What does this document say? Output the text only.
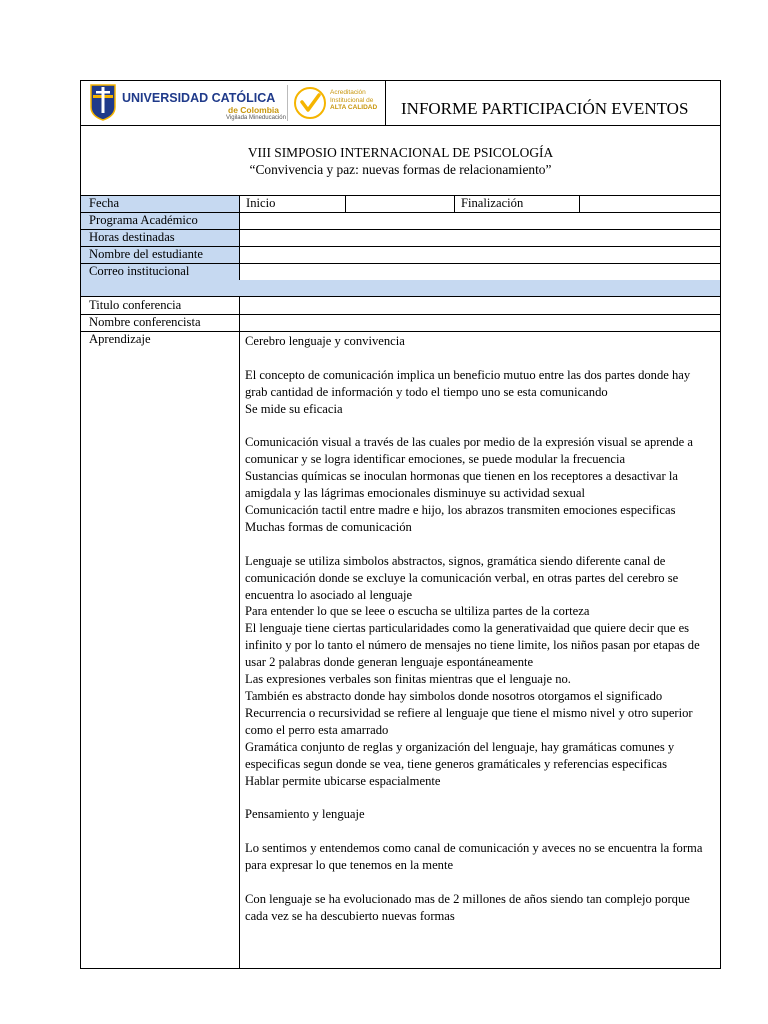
UNIVERSIDAD CATÓLICA
de Colombia
Vigilada Mineducación
Acreditación
Institucional de
ALTA CALIDAD INFORME PARTICIPACIÓN EVENTOS
VIII SIMPOSIO INTERNACIONAL DE PSICOLOGÍA
“Convivencia y paz: nuevas formas de relacionamiento”
Fecha	Inicio	Finalización
Programa Académico
Horas destinadas
Nombre del estudiante
Correo institucional
Titulo conferencia
Nombre conferencista
Aprendizaje	Cerebro lenguaje y convivencia

El concepto de comunicación implica un beneficio mutuo entre las dos partes donde hay grab cantidad de información y todo el tiempo uno se esta comunicando

Se mide su eficacia

Comunicación visual a través de las cuales por medio de la expresión visual se aprende a comunicar y se logra identificar emociones, se puede modular la frecuencia

Sustancias químicas se inoculan hormonas que tienen en los receptores a desactivar la amigdala y las lágrimas emocionales disminuye su actividad sexual

Comunicación tactil entre madre e hijo, los abrazos transmiten emociones especificas

Muchas formas de comunicación

Lenguaje se utiliza simbolos abstractos, signos, gramática siendo diferente canal de comunicación donde se excluye la comunicación verbal, en otras partes del cerebro se encuentra lo asociado al lenguaje

Para entender lo que se leee o escucha se ultiliza partes de la corteza

El lenguaje tiene ciertas particularidades como la generativaidad que quiere decir que es infinito y por lo tanto el número de mensajes no tiene limite, los niños pasan por etapas de usar 2 palabras donde generan lenguaje espontáneamente

Las expresiones verbales son finitas mientras que el lenguaje no.

También es abstracto donde hay simbolos donde nosotros otorgamos el significado

Recurrencia o recursividad se refiere al lenguaje que tiene el mismo nivel y otro superior como el perro esta amarrado

Gramática conjunto de reglas y organización del lenguaje, hay gramáticas comunes y especificas segun donde se vea, tiene generos gramáticales y referencias especificas

Hablar permite ubicarse espacialmente

Pensamiento y lenguaje

Lo sentimos y entendemos como canal de comunicación y aveces no se encuentra la forma para expresar lo que tenemos en la mente

Con lenguaje se ha evolucionado mas de 2 millones de años siendo tan complejo porque cada vez se ha descubierto nuevas formas
